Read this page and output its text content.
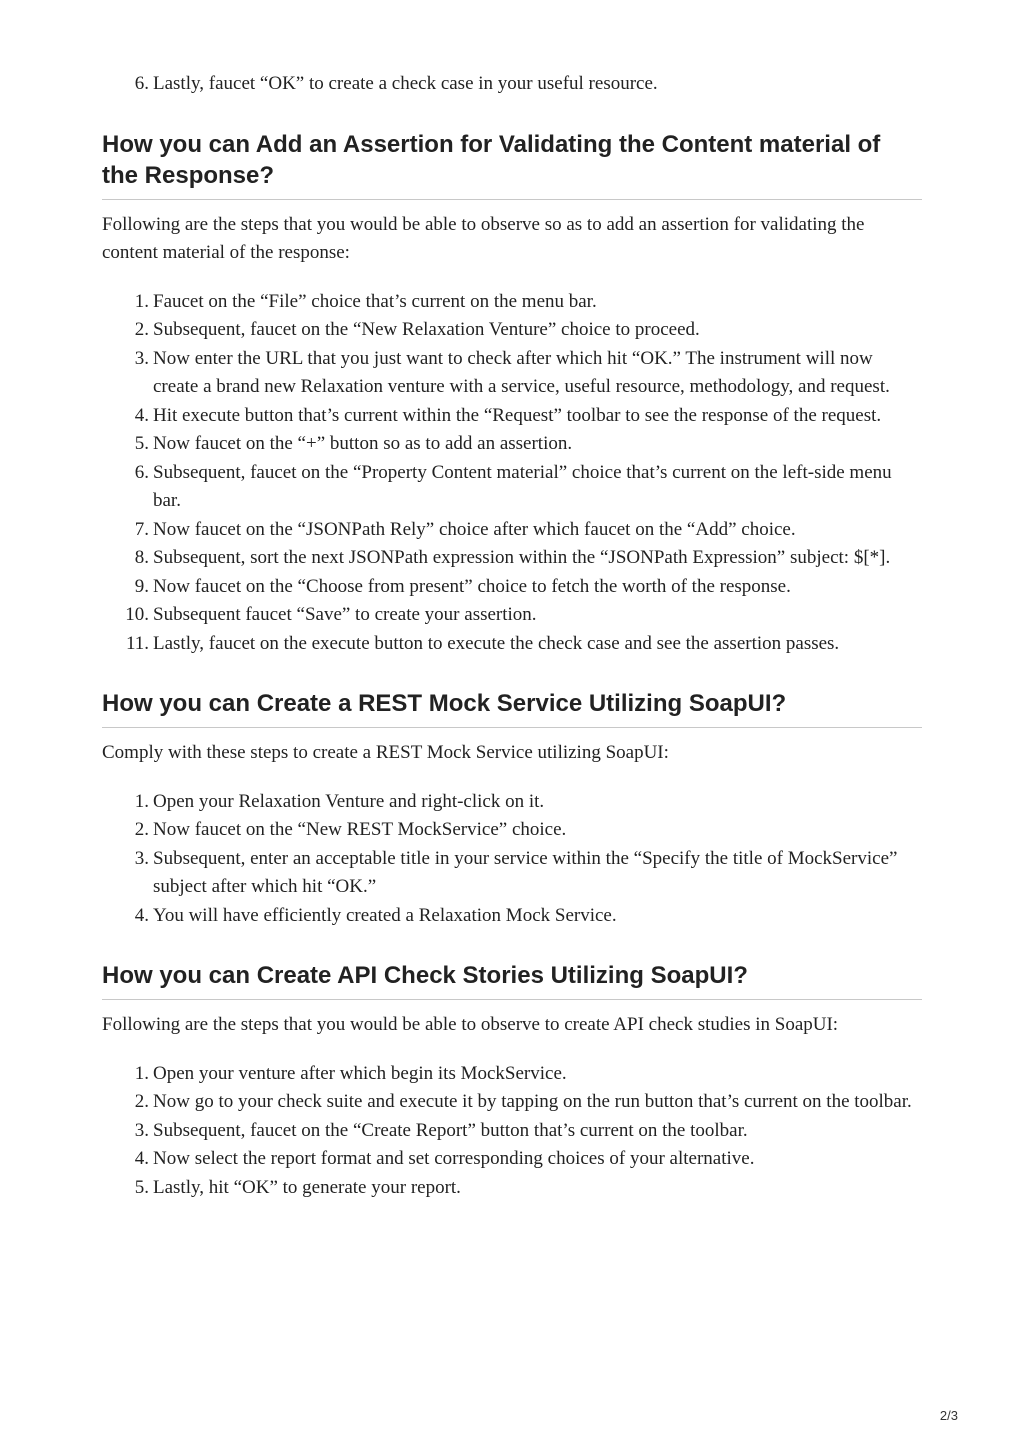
6. Lastly, faucet “OK” to create a check case in your useful resource.
How you can Add an Assertion for Validating the Content material of the Response?

Following are the steps that you would be able to observe so as to add an assertion for validating the content material of the response:

1. Faucet on the “File” choice that’s current on the menu bar.
2. Subsequent, faucet on the “New Relaxation Venture” choice to proceed.
3. Now enter the URL that you just want to check after which hit “OK.” The instrument will now create a brand new Relaxation venture with a service, useful resource, methodology, and request.
4. Hit execute button that’s current within the “Request” toolbar to see the response of the request.
5. Now faucet on the “+” button so as to add an assertion.
6. Subsequent, faucet on the “Property Content material” choice that’s current on the left-side menu bar.
7. Now faucet on the “JSONPath Rely” choice after which faucet on the “Add” choice.
8. Subsequent, sort the next JSONPath expression within the “JSONPath Expression” subject: $[*].
9. Now faucet on the “Choose from present” choice to fetch the worth of the response.
10. Subsequent faucet “Save” to create your assertion.
11. Lastly, faucet on the execute button to execute the check case and see the assertion passes.
How you can Create a REST Mock Service Utilizing SoapUI?

Comply with these steps to create a REST Mock Service utilizing SoapUI:

1. Open your Relaxation Venture and right-click on it.
2. Now faucet on the “New REST MockService” choice.
3. Subsequent, enter an acceptable title in your service within the “Specify the title of MockService” subject after which hit “OK.”
4. You will have efficiently created a Relaxation Mock Service.
How you can Create API Check Stories Utilizing SoapUI?

Following are the steps that you would be able to observe to create API check studies in SoapUI:

1. Open your venture after which begin its MockService.
2. Now go to your check suite and execute it by tapping on the run button that’s current on the toolbar.
3. Subsequent, faucet on the “Create Report” button that’s current on the toolbar.
4. Now select the report format and set corresponding choices of your alternative.
5. Lastly, hit “OK” to generate your report.
2/3
